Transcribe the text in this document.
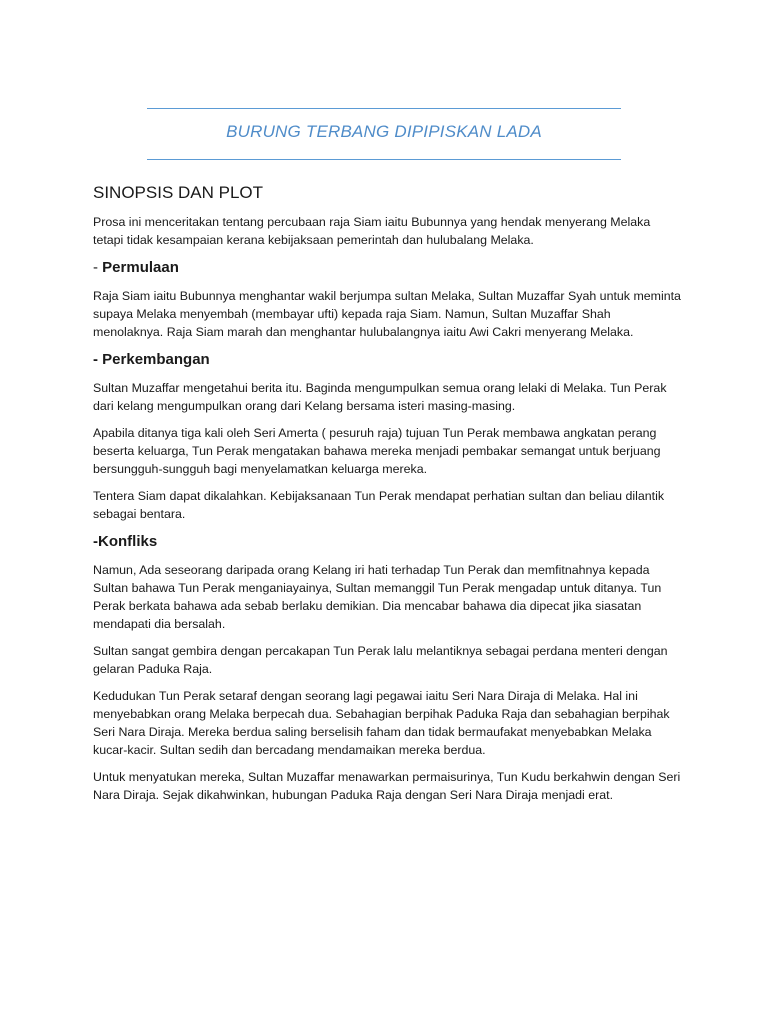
BURUNG TERBANG DIPIPISKAN LADA
SINOPSIS DAN PLOT

Prosa ini menceritakan tentang percubaan raja Siam iaitu Bubunnya yang hendak menyerang Melaka tetapi tidak kesampaian kerana kebijaksaan pemerintah dan hulubalang Melaka.

- Permulaan

Raja Siam iaitu Bubunnya menghantar wakil berjumpa sultan Melaka, Sultan Muzaffar Syah untuk meminta supaya Melaka menyembah (membayar ufti) kepada raja Siam. Namun, Sultan Muzaffar Shah menolaknya. Raja Siam marah dan menghantar hulubalangnya iaitu Awi Cakri menyerang Melaka.

- Perkembangan

Sultan Muzaffar mengetahui berita itu. Baginda mengumpulkan semua orang lelaki di Melaka. Tun Perak dari kelang mengumpulkan orang dari Kelang bersama isteri masing-masing.

Apabila ditanya tiga kali oleh Seri Amerta ( pesuruh raja) tujuan Tun Perak membawa angkatan perang beserta keluarga, Tun Perak mengatakan bahawa mereka menjadi pembakar semangat untuk berjuang bersungguh-sungguh bagi menyelamatkan keluarga mereka.

Tentera Siam dapat dikalahkan. Kebijaksanaan Tun Perak mendapat perhatian sultan dan beliau dilantik sebagai bentara.

-Konfliks

Namun, Ada seseorang daripada orang Kelang iri hati terhadap Tun Perak dan memfitnahnya kepada Sultan bahawa Tun Perak menganiayainya, Sultan memanggil Tun Perak mengadap untuk ditanya. Tun Perak berkata bahawa ada sebab berlaku demikian. Dia mencabar bahawa dia dipecat jika siasatan mendapati dia bersalah.

Sultan sangat gembira dengan percakapan Tun Perak lalu melantiknya sebagai perdana menteri dengan gelaran Paduka Raja.

Kedudukan Tun Perak setaraf dengan seorang lagi pegawai iaitu Seri Nara Diraja di Melaka. Hal ini menyebabkan orang Melaka berpecah dua. Sebahagian berpihak Paduka Raja dan sebahagian berpihak Seri Nara Diraja. Mereka berdua saling berselisih faham dan tidak bermaufakat menyebabkan Melaka kucar-kacir. Sultan sedih dan bercadang mendamaikan mereka berdua.

Untuk menyatukan mereka, Sultan Muzaffar menawarkan permaisurinya, Tun Kudu berkahwin dengan Seri Nara Diraja. Sejak dikahwinkan, hubungan Paduka Raja dengan Seri Nara Diraja menjadi erat.
